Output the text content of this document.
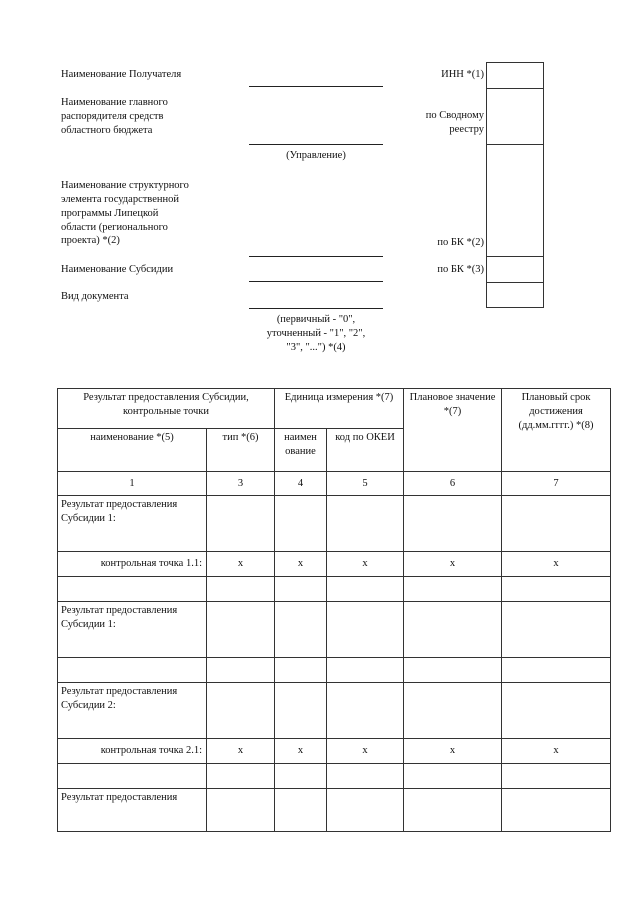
Наименование Получателя	ИНН *(1)
Наименование главного
распорядителя средств
областного бюджета
по Сводному
реестру
(Управление)
Наименование структурного
элемента государственной
программы Липецкой
области (регионального
проекта) *(2)	по БК *(2)
Наименование Субсидии	по БК *(3)
Вид документа
(первичный - "0",
уточненный - "1", "2",
"3", "...") *(4)
Результат предоставления Субсидии, контрольные точки		Единица измерения *(7)		Плановое значение *(7)	Плановый срок достижения (дд.мм.гггг.) *(8)
наименование *(5)	тип *(6)	наимен ование	код по ОКЕИ		
1	3	4	5	6	7
Результат предоставления Субсидии 1:					
контрольная точка 1.1:	x	x	x	x	x

Результат предоставления Субсидии 1:					

Результат предоставления Субсидии 2:					
контрольная точка 2.1:	x	x	x	x	x

Результат предоставления					
